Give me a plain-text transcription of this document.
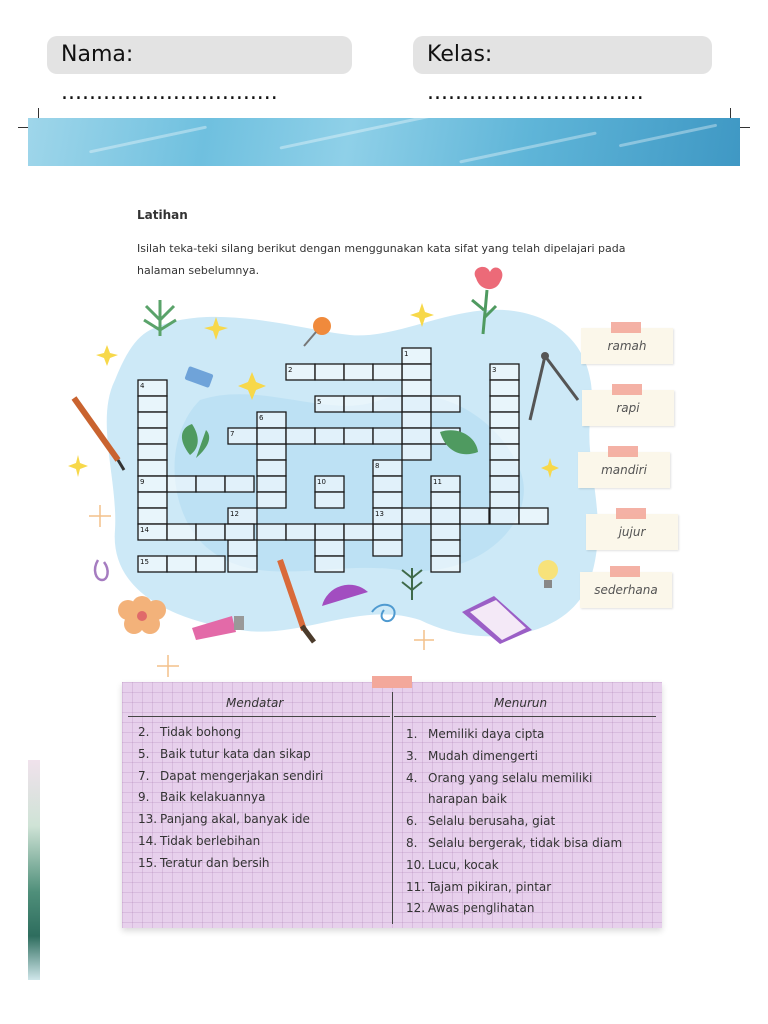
Nama: ...............................
Kelas: ...............................
Latihan
Isilah teka-teki silang berikut dengan menggunakan kata sifat yang telah dipelajari pada halaman sebelumnya.
1
2	3
4
5
6
7
8
9	10	11
12	13
14
15
ramah
rapi
mandiri
jujur
sederhana
Mendatar	Menurun
2. Tidak bohong
5. Baik tutur kata dan sikap
7. Dapat mengerjakan sendiri
9. Baik kelakuannya
13. Panjang akal, banyak ide
14. Tidak berlebihan
15. Teratur dan bersih
1. Memiliki daya cipta
3. Mudah dimengerti
4. Orang yang selalu memiliki
harapan baik
6. Selalu berusaha, giat
8. Selalu bergerak, tidak bisa diam
10. Lucu, kocak
11. Tajam pikiran, pintar
12. Awas penglihatan
